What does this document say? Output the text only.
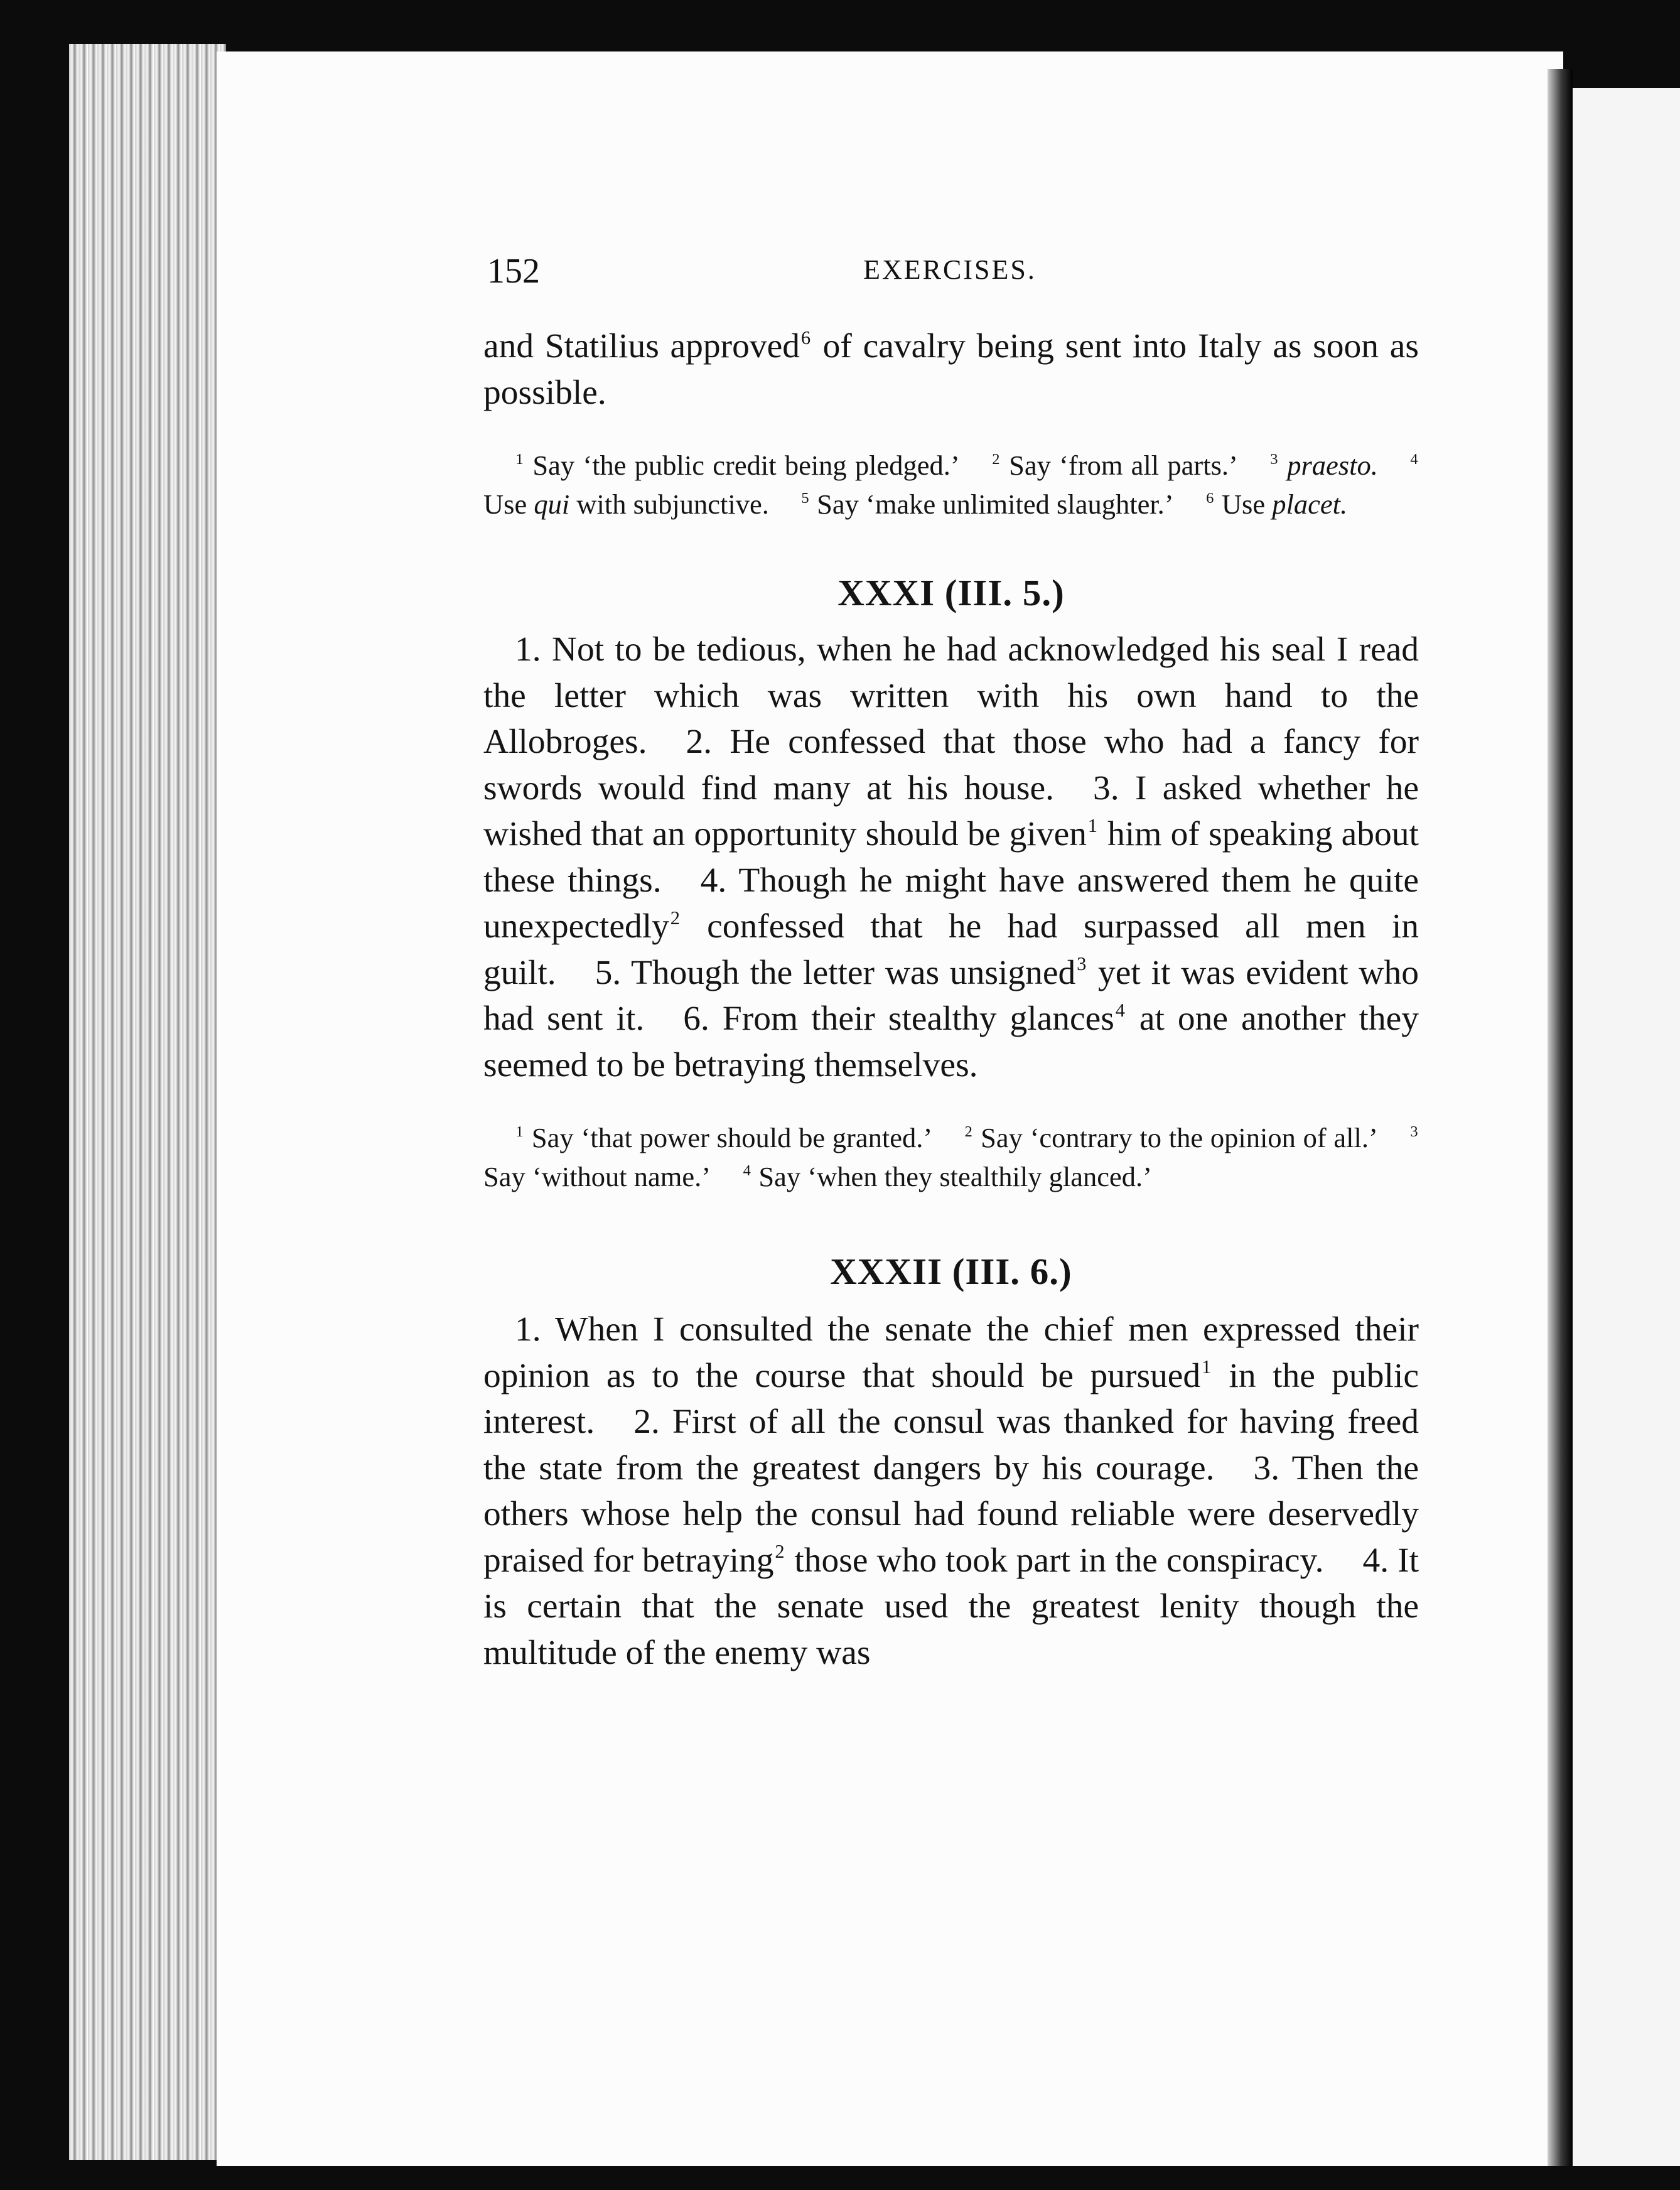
152	EXERCISES.

and Statilius approved$^6$ of cavalry being sent into Italy as soon as possible.

$^1$ Say ‘the public credit being pledged.’ $^2$ Say ‘from all parts.’ $^3$ praesto. $^4$ Use qui with subjunctive. $^5$ Say ‘make unlimited slaughter.’ $^6$ Use placet.

XXXI (III. 5.)

1. Not to be tedious, when he had acknowledged his seal I read the letter which was written with his own hand to the Allobroges. 2. He confessed that those who had a fancy for swords would find many at his house. 3. I asked whether he wished that an opportunity should be given$^1$ him of speaking about these things. 4. Though he might have answered them he quite unexpectedly$^2$ confessed that he had surpassed all men in guilt. 5. Though the letter was unsigned$^3$ yet it was evident who had sent it. 6. From their stealthy glances$^4$ at one another they seemed to be betraying themselves.

$^1$ Say ‘that power should be granted.’ $^2$ Say ‘contrary to the opinion of all.’ $^3$ Say ‘without name.’ $^4$ Say ‘when they stealthily glanced.’

XXXII (III. 6.)

1. When I consulted the senate the chief men expressed their opinion as to the course that should be pursued$^1$ in the public interest. 2. First of all the consul was thanked for having freed the state from the greatest dangers by his courage. 3. Then the others whose help the consul had found reliable were deservedly praised for betraying$^2$ those who took part in the conspiracy. 4. It is certain that the senate used the greatest lenity though the multitude of the enemy was
